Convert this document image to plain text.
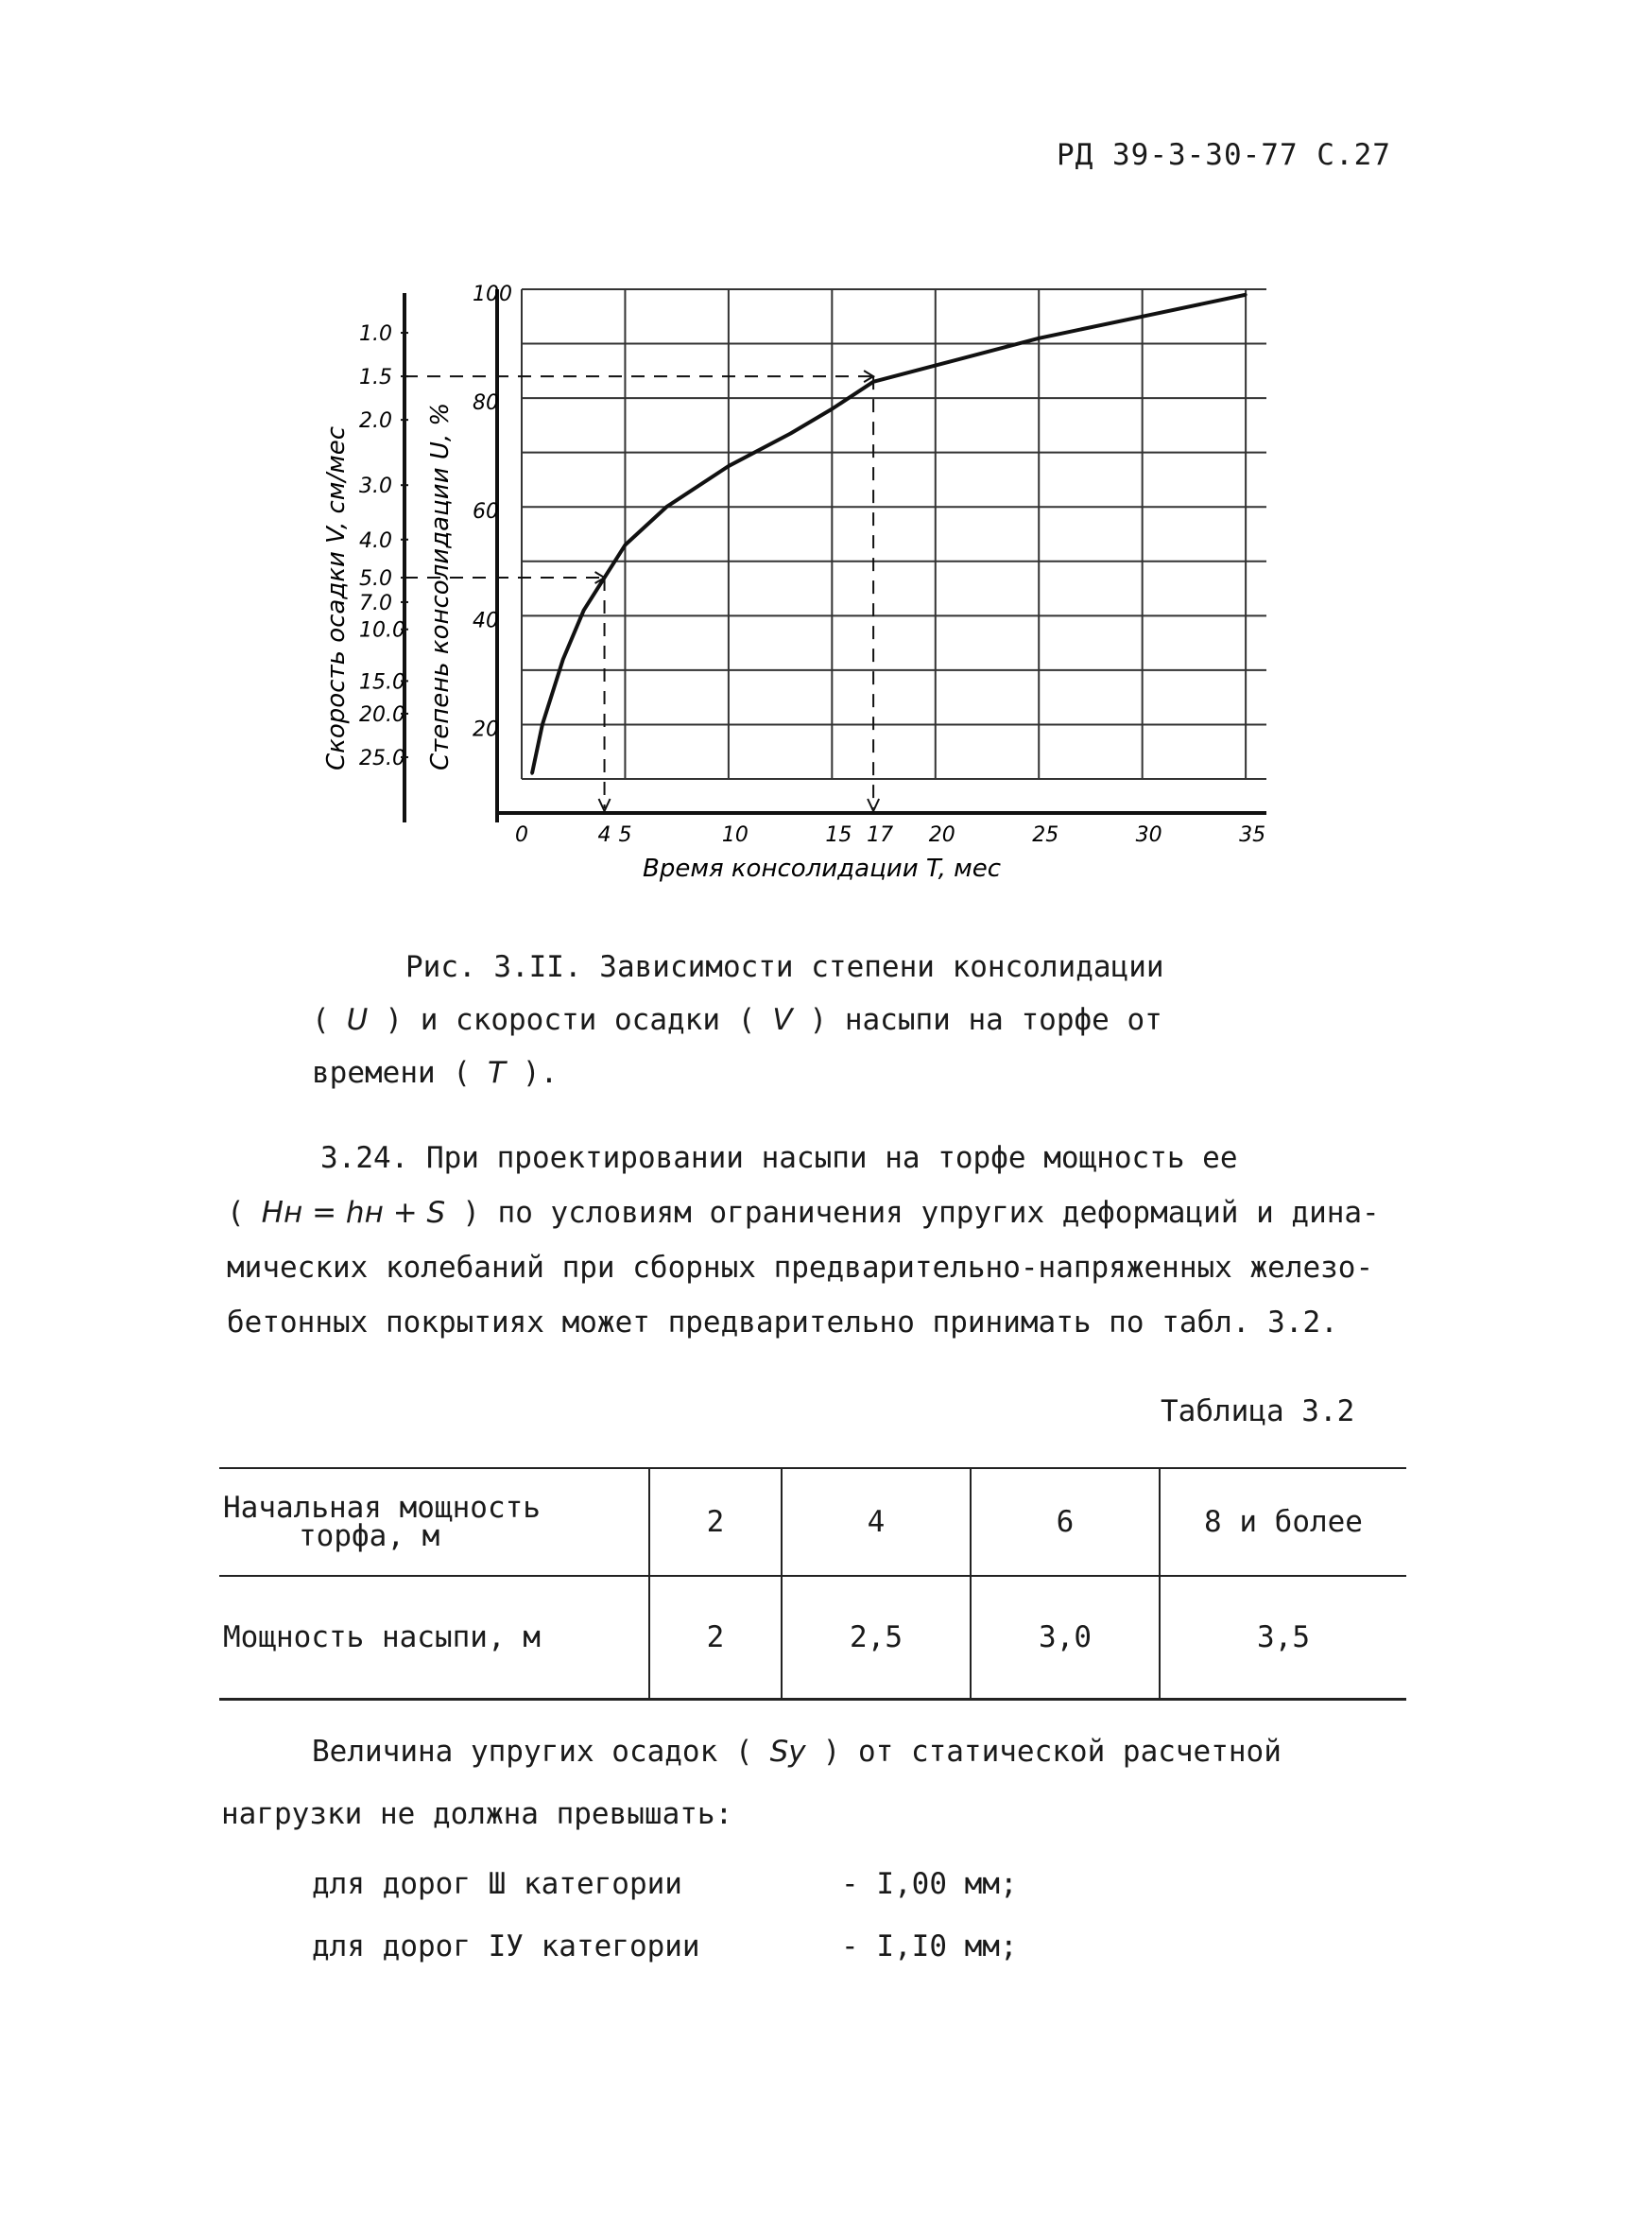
РД 39-3-30-77 С.27
0	4 5	10	15 17 20	25	30	35
20
40
60
80
100
1.0
1.5
2.0
3.0
4.0
5.0
7.0
10.0
15.0
20.0
25.0
Время консолидации T, мес
Скорость осадки V, см/мес	Степень консолидации U, %

Рис. 3.II. Зависимости степени консолидации

( U ) и скорости осадки ( V ) насыпи на торфе от

времени ( T ).

3.24. При проектировании насыпи на торфе мощность ее

( Hн = hн + S ) по условиям ограничения упругих деформаций и дина-

мических колебаний при сборных предварительно-напряженных железо-

бетонных покрытиях может предварительно принимать по табл. 3.2.

Таблица 3.2
Начальная мощность
торфа, м	2	4	6	8 и более
Мощность насыпи, м	2	2,5	3,0	3,5

Величина упругих осадок ( Sy ) от статической расчетной

нагрузки не должна превышать:

для дорог Ш категории	- I,00 мм;
для дорог IУ категории	- I,I0 мм;
